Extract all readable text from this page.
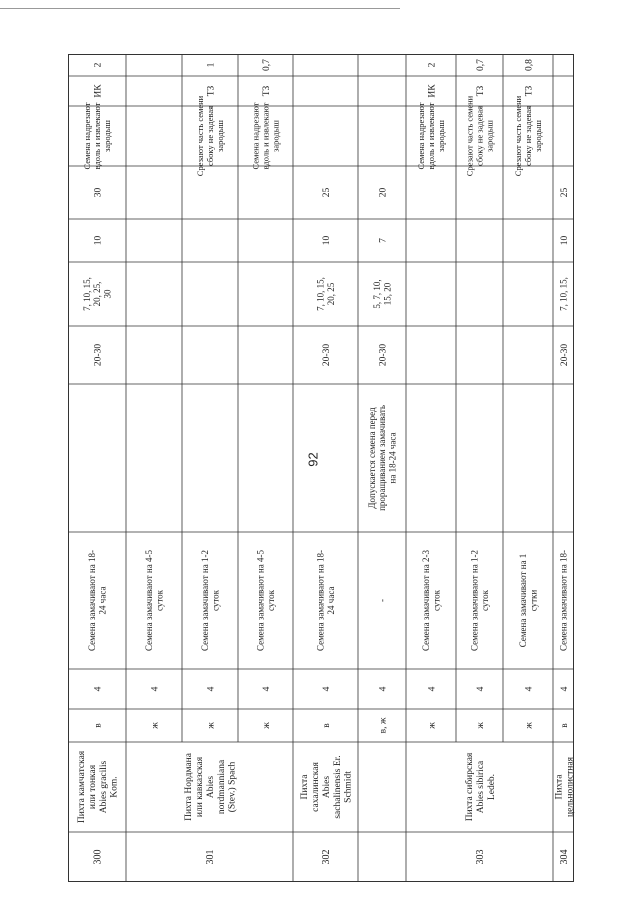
92
300
Пихта камчатскаяили тонкаяAbies gracilisKom.
в
4
Семена замачивают на 18-24 часа
20-30
7, 10, 15,20, 25,30
10
30
Семена надрезаютвдоль и извлекаютзародыш
ИК
2
301
Пихта Нордманаили кавказскаяAbiesnordmanniana(Stev.) Spach
ж
4
Семена замачивают на 4-5суток
ж
4
Семена замачивают на 1-2суток
Срезают часть семенисбоку не задеваязародыш
ТЗ
1
ж
4
Семена замачивают на 4-5суток
Семена надрезаютвдоль и извлекаютзародыш
ТЗ
0,7
302
ПихтасахалинскаяAbiessachalinensis Er.Schmidt
в
4
Семена замачивают на 18-24 часа
20-30
7, 10, 15,20, 25
10
25
в, ж
4
-
Допускается семена передпроращиванием замачиватьна 18-24 часа
20-30
5, 7, 10,15, 20
7
20
303
Пихта сибирскаяAbies sibiricaLedeb.
ж
4
Семена замачивают на 2-3суток
Семена надрезаютвдоль и извлекаютзародыш
ИК
2
ж
4
Семена замачивают на 1-2суток
Срезают часть семенисбоку не задеваязародыш
ТЗ
0,7
ж
4
Семена замачивают на 1сутки
Срезают часть семенисбоку не задеваязародыш
ТЗ
0,8
304
Пихтацельнолистная
в
4
Семена замачивают на 18-
20-30
7, 10, 15,
10
25
